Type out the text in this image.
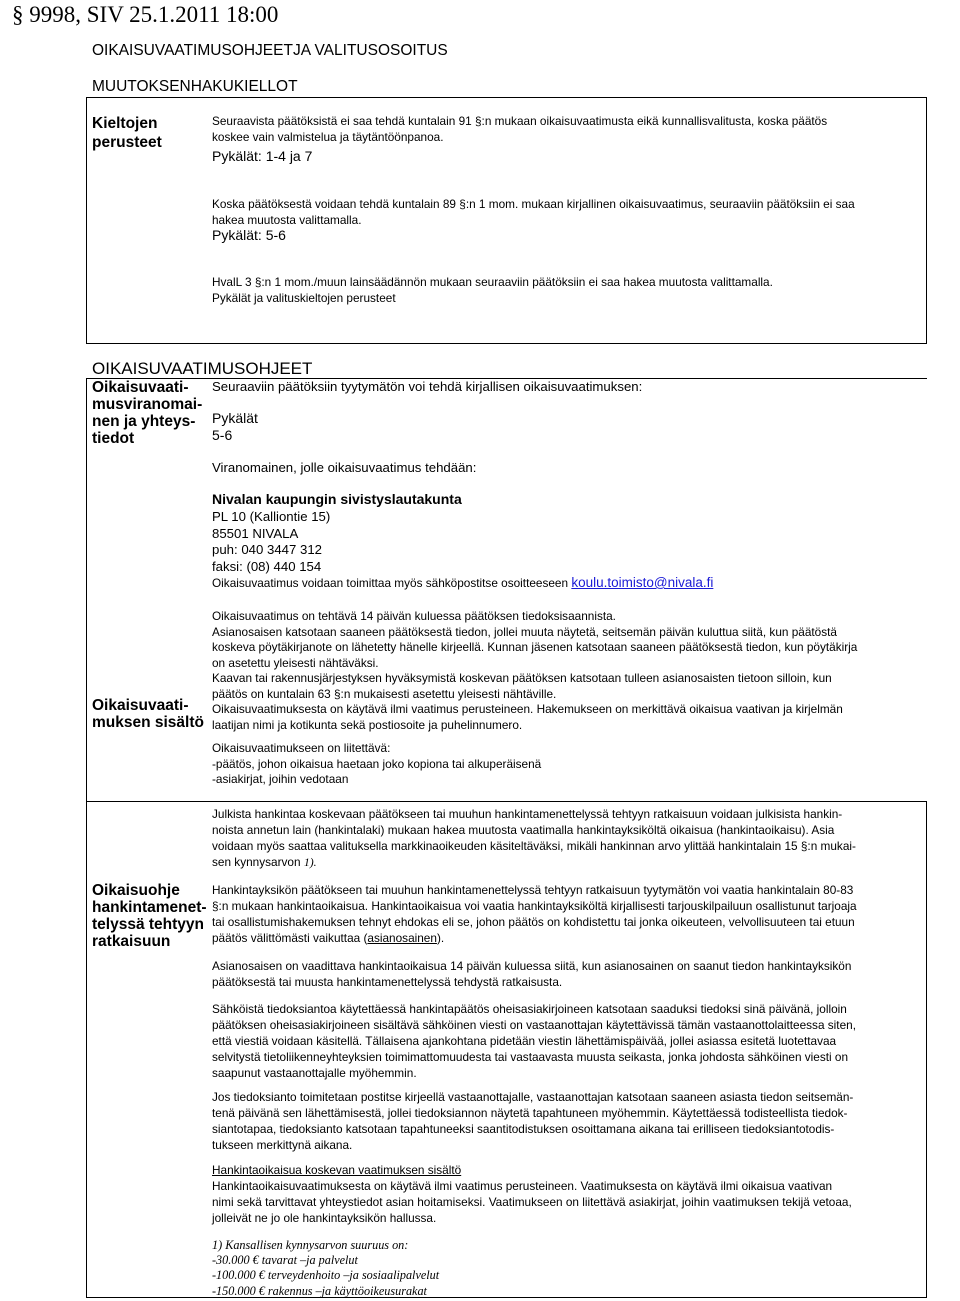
§ 9998, SIV 25.1.2011 18:00
OIKAISUVAATIMUSOHJEETJA VALITUSOSOITUS
MUUTOKSENHAKUKIELLOT
Kieltojen
perusteet
Seuraavista päätöksistä ei saa tehdä kuntalain 91 §:n mukaan oikaisuvaatimusta eikä kunnallisvalitusta, koska päätös
koskee vain valmistelua ja täytäntöönpanoa.
Pykälät: 1-4 ja 7
Koska päätöksestä voidaan tehdä kuntalain 89 §:n 1 mom. mukaan kirjallinen oikaisuvaatimus, seuraaviin päätöksiin ei saa
hakea muutosta valittamalla.
Pykälät: 5-6
HvalL 3 §:n 1 mom./muun lainsäädännön mukaan seuraaviin päätöksiin ei saa hakea muutosta valittamalla.
Pykälät ja valituskieltojen perusteet
OIKAISUVAATIMUSOHJEET
Oikaisuvaati-
musviranomai-
nen ja yhteys-
tiedot
Seuraaviin päätöksiin tyytymätön voi tehdä kirjallisen oikaisuvaatimuksen:
Pykälät
5-6
Viranomainen, jolle oikaisuvaatimus tehdään:
Nivalan kaupungin sivistyslautakunta
PL 10 (Kalliontie 15)
85501 NIVALA
puh: 040 3447 312
faksi: (08) 440 154
Oikaisuvaatimus voidaan toimittaa myös sähköpostitse osoitteeseen koulu.toimisto@nivala.fi
Oikaisuvaati-
muksen sisältö
Oikaisuvaatimus on tehtävä 14 päivän kuluessa päätöksen tiedoksisaannista.
Asianosaisen katsotaan saaneen päätöksestä tiedon, jollei muuta näytetä, seitsemän päivän kuluttua siitä, kun päätöstä
koskeva pöytäkirjanote on lähetetty hänelle kirjeellä. Kunnan jäsenen katsotaan saaneen päätöksestä tiedon, kun pöytäkirja
on asetettu yleisesti nähtäväksi.
Kaavan tai rakennusjärjestyksen hyväksymistä koskevan päätöksen katsotaan tulleen asianosaisten tietoon silloin, kun
päätös on kuntalain 63 §:n mukaisesti asetettu yleisesti nähtäville.
Oikaisuvaatimuksesta on käytävä ilmi vaatimus perusteineen. Hakemukseen on merkittävä oikaisua vaativan ja kirjelmän
laatijan nimi ja kotikunta sekä postiosoite ja puhelinnumero.
Oikaisuvaatimukseen on liitettävä:
-päätös, johon oikaisua haetaan joko kopiona tai alkuperäisenä
-asiakirjat, joihin vedotaan
Oikaisuohje
hankintamenet-
telyssä tehtyyn
ratkaisuun
Julkista hankintaa koskevaan päätökseen tai muuhun hankintamenettelyssä tehtyyn ratkaisuun voidaan julkisista hankin-
noista annetun lain (hankintalaki) mukaan hakea muutosta vaatimalla hankintayksiköltä oikaisua (hankintaoikaisu). Asia
voidaan myös saattaa valituksella markkinaoikeuden käsiteltäväksi, mikäli hankinnan arvo ylittää hankintalain 15 §:n mukai-
sen kynnysarvon 1).
Hankintayksikön päätökseen tai muuhun hankintamenettelyssä tehtyyn ratkaisuun tyytymätön voi vaatia hankintalain 80-83
§:n mukaan hankintaoikaisua. Hankintaoikaisua voi vaatia hankintayksiköltä kirjallisesti tarjouskilpailuun osallistunut tarjoaja
tai osallistumishakemuksen tehnyt ehdokas eli se, johon päätös on kohdistettu tai jonka oikeuteen, velvollisuuteen tai etuun
päätös välittömästi vaikuttaa (asianosainen).
Asianosaisen on vaadittava hankintaoikaisua 14 päivän kuluessa siitä, kun asianosainen on saanut tiedon hankintayksikön
päätöksestä tai muusta hankintamenettelyssä tehdystä ratkaisusta.
Sähköistä tiedoksiantoa käytettäessä hankintapäätös oheisasiakirjoineen katsotaan saaduksi tiedoksi sinä päivänä, jolloin
päätöksen oheisasiakirjoineen sisältävä sähköinen viesti on vastaanottajan käytettävissä tämän vastaanottolaitteessa siten,
että viestiä voidaan käsitellä. Tällaisena ajankohtana pidetään viestin lähettämispäivää, jollei asiassa esitetä luotettavaa
selvitystä tietoliikenneyhteyksien toimimattomuudesta tai vastaavasta muusta seikasta, jonka johdosta sähköinen viesti on
saapunut vastaanottajalle myöhemmin.
Jos tiedoksianto toimitetaan postitse kirjeellä vastaanottajalle, vastaanottajan katsotaan saaneen asiasta tiedon seitsemän-
tenä päivänä sen lähettämisestä, jollei tiedoksiannon näytetä tapahtuneen myöhemmin. Käytettäessä todisteellista tiedok-
siantotapaa, tiedoksianto katsotaan tapahtuneeksi saantitodistuksen osoittamana aikana tai erilliseen tiedoksiantotodis-
tukseen merkittynä aikana.
Hankintaoikaisua koskevan vaatimuksen sisältö
Hankintaoikaisuvaatimuksesta on käytävä ilmi vaatimus perusteineen. Vaatimuksesta on käytävä ilmi oikaisua vaativan
nimi sekä tarvittavat yhteystiedot asian hoitamiseksi. Vaatimukseen on liitettävä asiakirjat, joihin vaatimuksen tekijä vetoaa,
jolleivät ne jo ole hankintayksikön hallussa.
1) Kansallisen kynnysarvon suuruus on:
-30.000 € tavarat –ja palvelut
-100.000 € terveydenhoito –ja sosiaalipalvelut
-150.000 € rakennus –ja käyttöoikeusurakat
